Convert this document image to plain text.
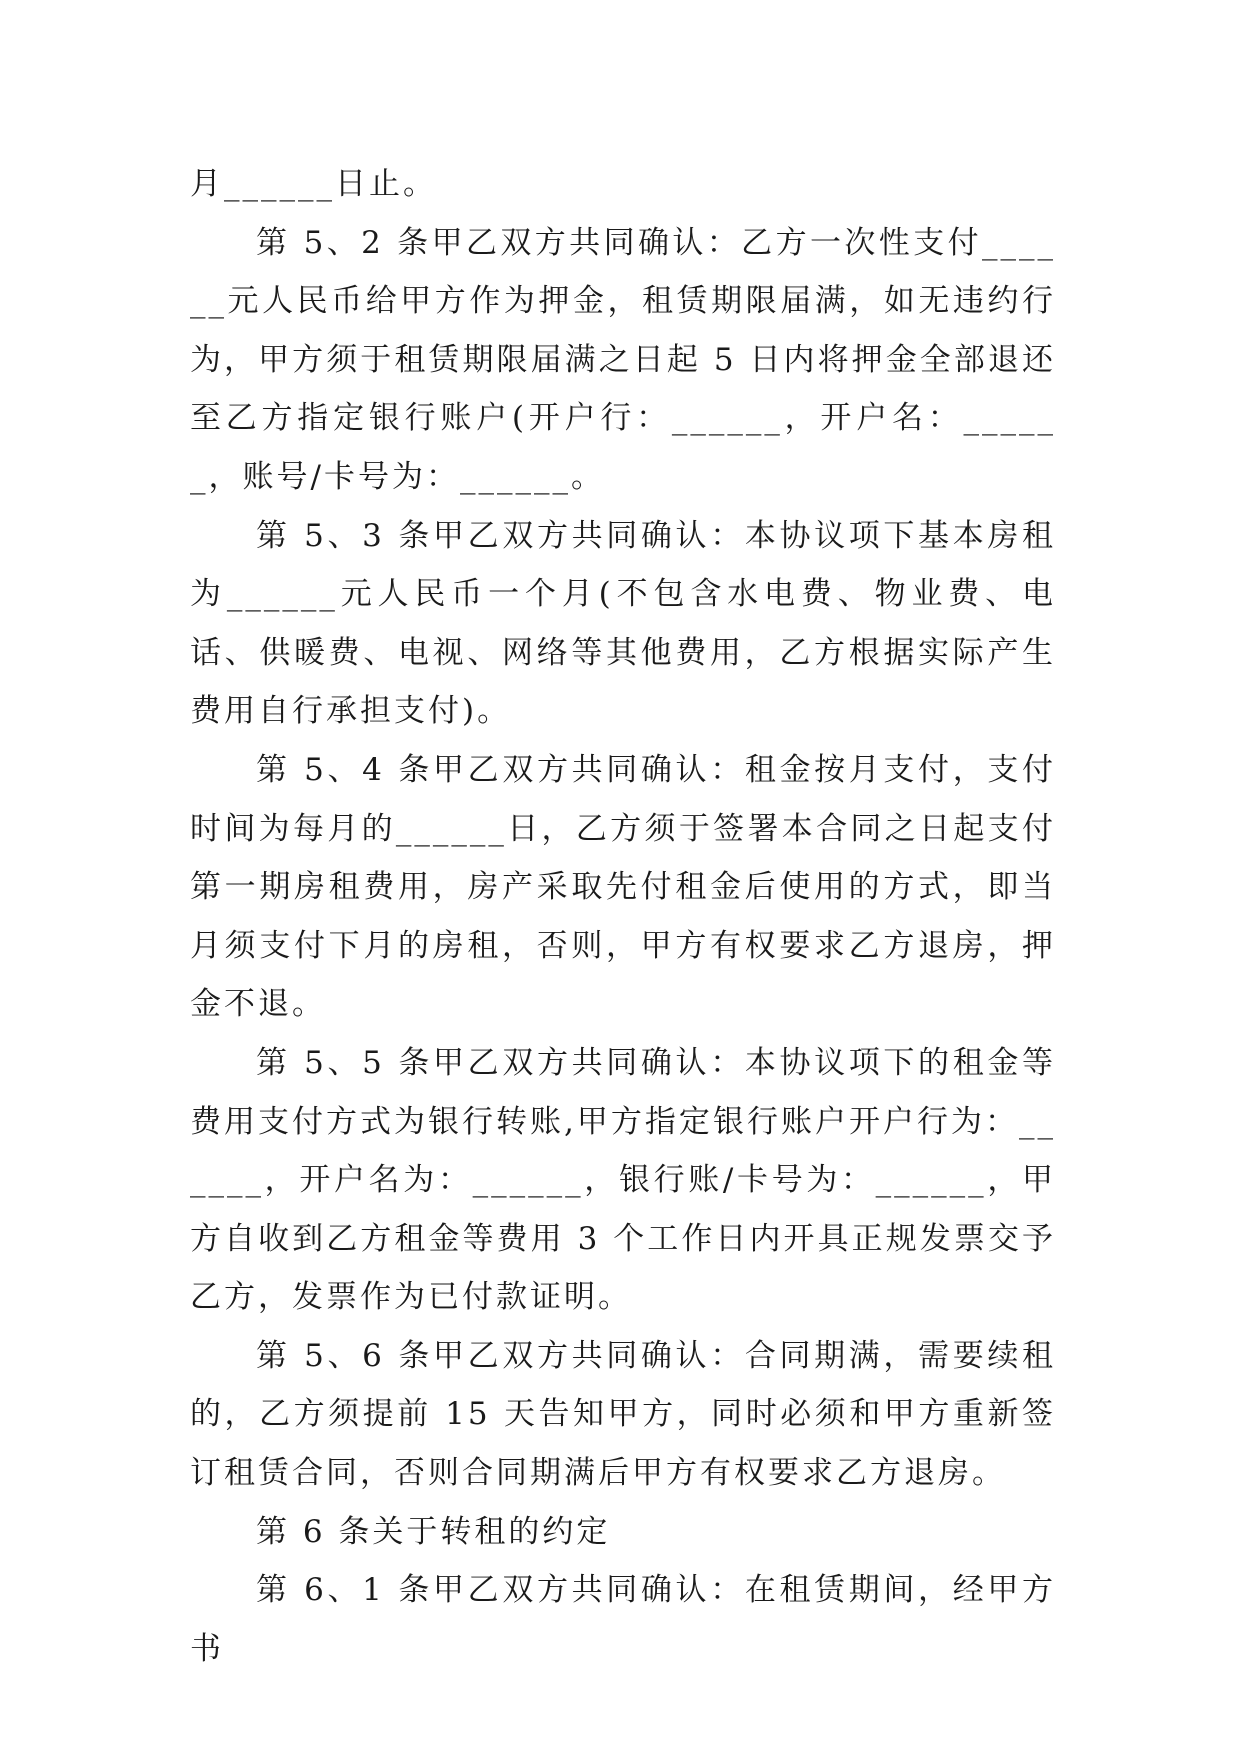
月______日止。

第 5、2 条甲乙双方共同确认：乙方一次性支付______元人民币给甲方作为押金，租赁期限届满，如无违约行为，甲方须于租赁期限届满之日起 5 日内将押金全部退还至乙方指定银行账户(开户行：______，开户名：______，账号/卡号为：______。

第 5、3 条甲乙双方共同确认：本协议项下基本房租为______元人民币一个月(不包含水电费、物业费、电话、供暖费、电视、网络等其他费用，乙方根据实际产生费用自行承担支付)。

第 5、4 条甲乙双方共同确认：租金按月支付，支付时间为每月的______日，乙方须于签署本合同之日起支付第一期房租费用，房产采取先付租金后使用的方式，即当月须支付下月的房租，否则，甲方有权要求乙方退房，押金不退。

第 5、5 条甲乙双方共同确认：本协议项下的租金等费用支付方式为银行转账,甲方指定银行账户开户行为：______，开户名为：______，银行账/卡号为：______，甲方自收到乙方租金等费用 3 个工作日内开具正规发票交予乙方，发票作为已付款证明。

第 5、6 条甲乙双方共同确认：合同期满，需要续租的，乙方须提前 15 天告知甲方，同时必须和甲方重新签订租赁合同，否则合同期满后甲方有权要求乙方退房。

第 6 条关于转租的约定

第 6、1 条甲乙双方共同确认：在租赁期间，经甲方书
